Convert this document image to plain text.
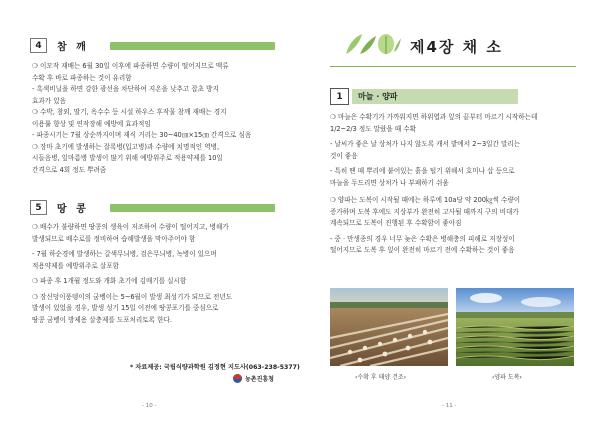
4	참 깨
❍ 이모작 재배는 6월 30일 이후에 파종하면 수량이 떨어지므로 맥류
수확 후 바로 파종하는 것이 유리함
- 흑색비닐을 하면 강한 광선을 차단하여 지온을 낮추고 잡초 방지
효과가 있음
❍ 수박, 참외, 딸기, 옥수수 등 시설 하우스 후작물 참깨 재배는 경지
이용률 향상 및 연작장해 예방에 효과적임
- 파종시기는 7월 상순까지이며 재식 거리는 30~40㎝×15㎝ 간격으로 심음
❍ 장마 초기에 발생하는 잘록병(입고병)과 수량에 치명적인 역병,
시들음병, 잎마름병 발생이 많기 위해 예방위주로 적용약제를 10일
간격으로 4회 정도 뿌려줌
5	땅 콩
❍ 배수가 불량하면 땅콩의 생육이 저조하여 수량이 떨어지고, 병해가
발생되므로 배수로를 정비하여 습해발생을 막아주어야 함
- 7월 하순경에 발생하는 갈색무늬병, 검은무늬병, 녹병이 있으며
적용약제를 예방위주로 살포함
❍ 파종 후 1개월 정도와 개화 초기에 김매기를 실시함
❍ 장신덩이풍뎅이의 굼벵이는 5~6월이 발생 최성기가 되므로 전년도
발생이 있었을 경우, 발생 성기 15일 이전에 땅콩포기를 중심으로
땅콩 굼벵이 방제용 살충제를 도포처리토록 한다.
* 자료제공: 국립식량과학원 김정현 지도사(063-238-5377)
농촌진흥청
- 10 -
제4장 채 소
1	마늘 · 양파
❍ 마늘은 수확기가 가까워지면 하위엽과 잎의 끝부터 마르기 시작하는데
1/2~2/3 정도 말랐을 때 수확
- 날씨가 좋은 날 상처가 나지 않도록 캐서 밭에서 2~3일간 말리는
것이 좋음
- 특히 땐 때 뿌리에 붙어있는 흙을 털기 위해서 호미나 삽 등으로
마늘을 두드리면 상처가 나 부패하기 쉬움
❍ 양파는 도복이 시작될 때에는 하루에 10a당 약 200㎏씩 수량이
증가하며 도복 후에도 지상부가 완전히 고사될 때까지 구의 비대가
계속되므로 도복이 진행된 후 수확함이 좋아짐
- 중 · 만생종의 경우 너무 늦은 수확은 병해충의 피해로 저장성이
떨어지므로 도복 후 잎이 완전히 마르기 전에 수확하는 것이 좋음
‹수확 후 태양 건조›	‹양파 도복›
- 11 -
